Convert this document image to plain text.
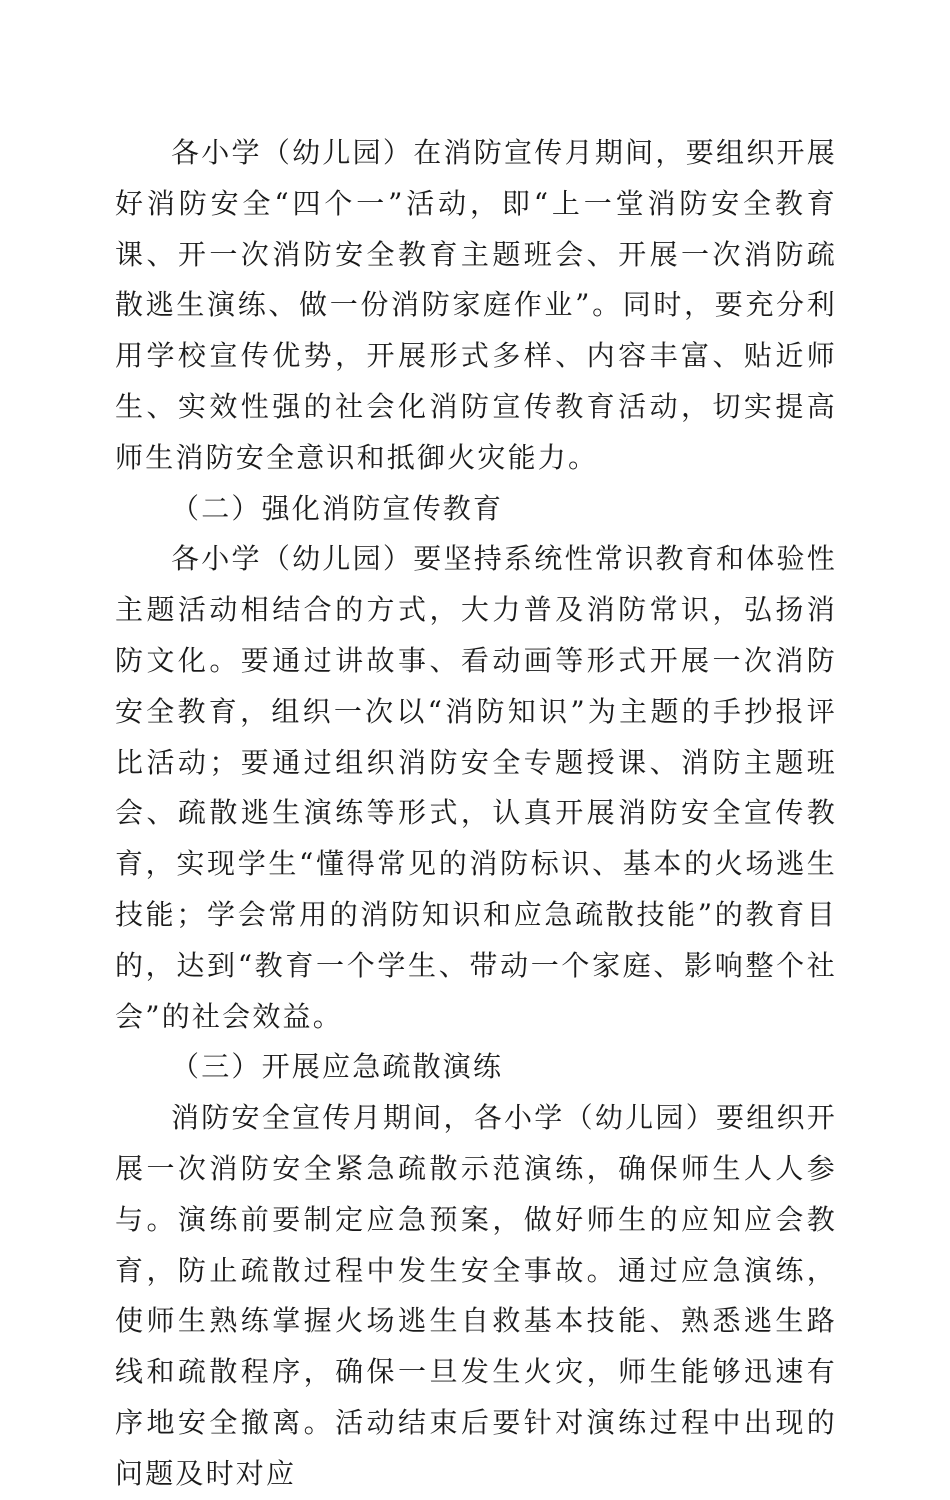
各小学（幼儿园）在消防宣传月期间，要组织开展好消防安全“四个一”活动，即“上一堂消防安全教育课、开一次消防安全教育主题班会、开展一次消防疏散逃生演练、做一份消防家庭作业”。同时，要充分利用学校宣传优势，开展形式多样、内容丰富、贴近师生、实效性强的社会化消防宣传教育活动，切实提高师生消防安全意识和抵御火灾能力。

（二）强化消防宣传教育

各小学（幼儿园）要坚持系统性常识教育和体验性主题活动相结合的方式，大力普及消防常识，弘扬消防文化。要通过讲故事、看动画等形式开展一次消防安全教育，组织一次以“消防知识”为主题的手抄报评比活动；要通过组织消防安全专题授课、消防主题班会、疏散逃生演练等形式，认真开展消防安全宣传教育，实现学生“懂得常见的消防标识、基本的火场逃生技能；学会常用的消防知识和应急疏散技能”的教育目的，达到“教育一个学生、带动一个家庭、影响整个社会”的社会效益。

（三）开展应急疏散演练

消防安全宣传月期间，各小学（幼儿园）要组织开展一次消防安全紧急疏散示范演练，确保师生人人参与。演练前要制定应急预案，做好师生的应知应会教育，防止疏散过程中发生安全事故。通过应急演练，使师生熟练掌握火场逃生自救基本技能、熟悉逃生路线和疏散程序，确保一旦发生火灾，师生能够迅速有序地安全撤离。活动结束后要针对演练过程中出现的问题及时对应
